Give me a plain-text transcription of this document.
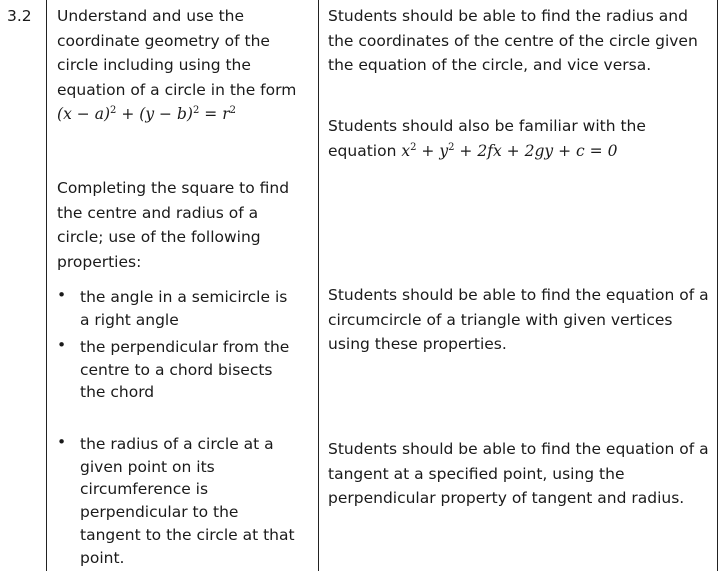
3.2 Understand and use the coordinate geometry of the circle including using the equation of a circle in the form $(x - a)^2 + (y - b)^2 = r^2$
Students should be able to find the radius and the coordinates of the centre of the circle given the equation of the circle, and vice versa.
Students should also be familiar with the equation $x^2 + y^2 + 2fx + 2gy + c = 0$
Completing the square to find the centre and radius of a circle; use of the following properties:
• the angle in a semicircle is a right angle
• the perpendicular from the centre to a chord bisects the chord
• the radius of a circle at a given point on its circumference is perpendicular to the tangent to the circle at that point.
Students should be able to find the equation of a circumcircle of a triangle with given vertices using these properties.
Students should be able to find the equation of a tangent at a specified point, using the perpendicular property of tangent and radius.
